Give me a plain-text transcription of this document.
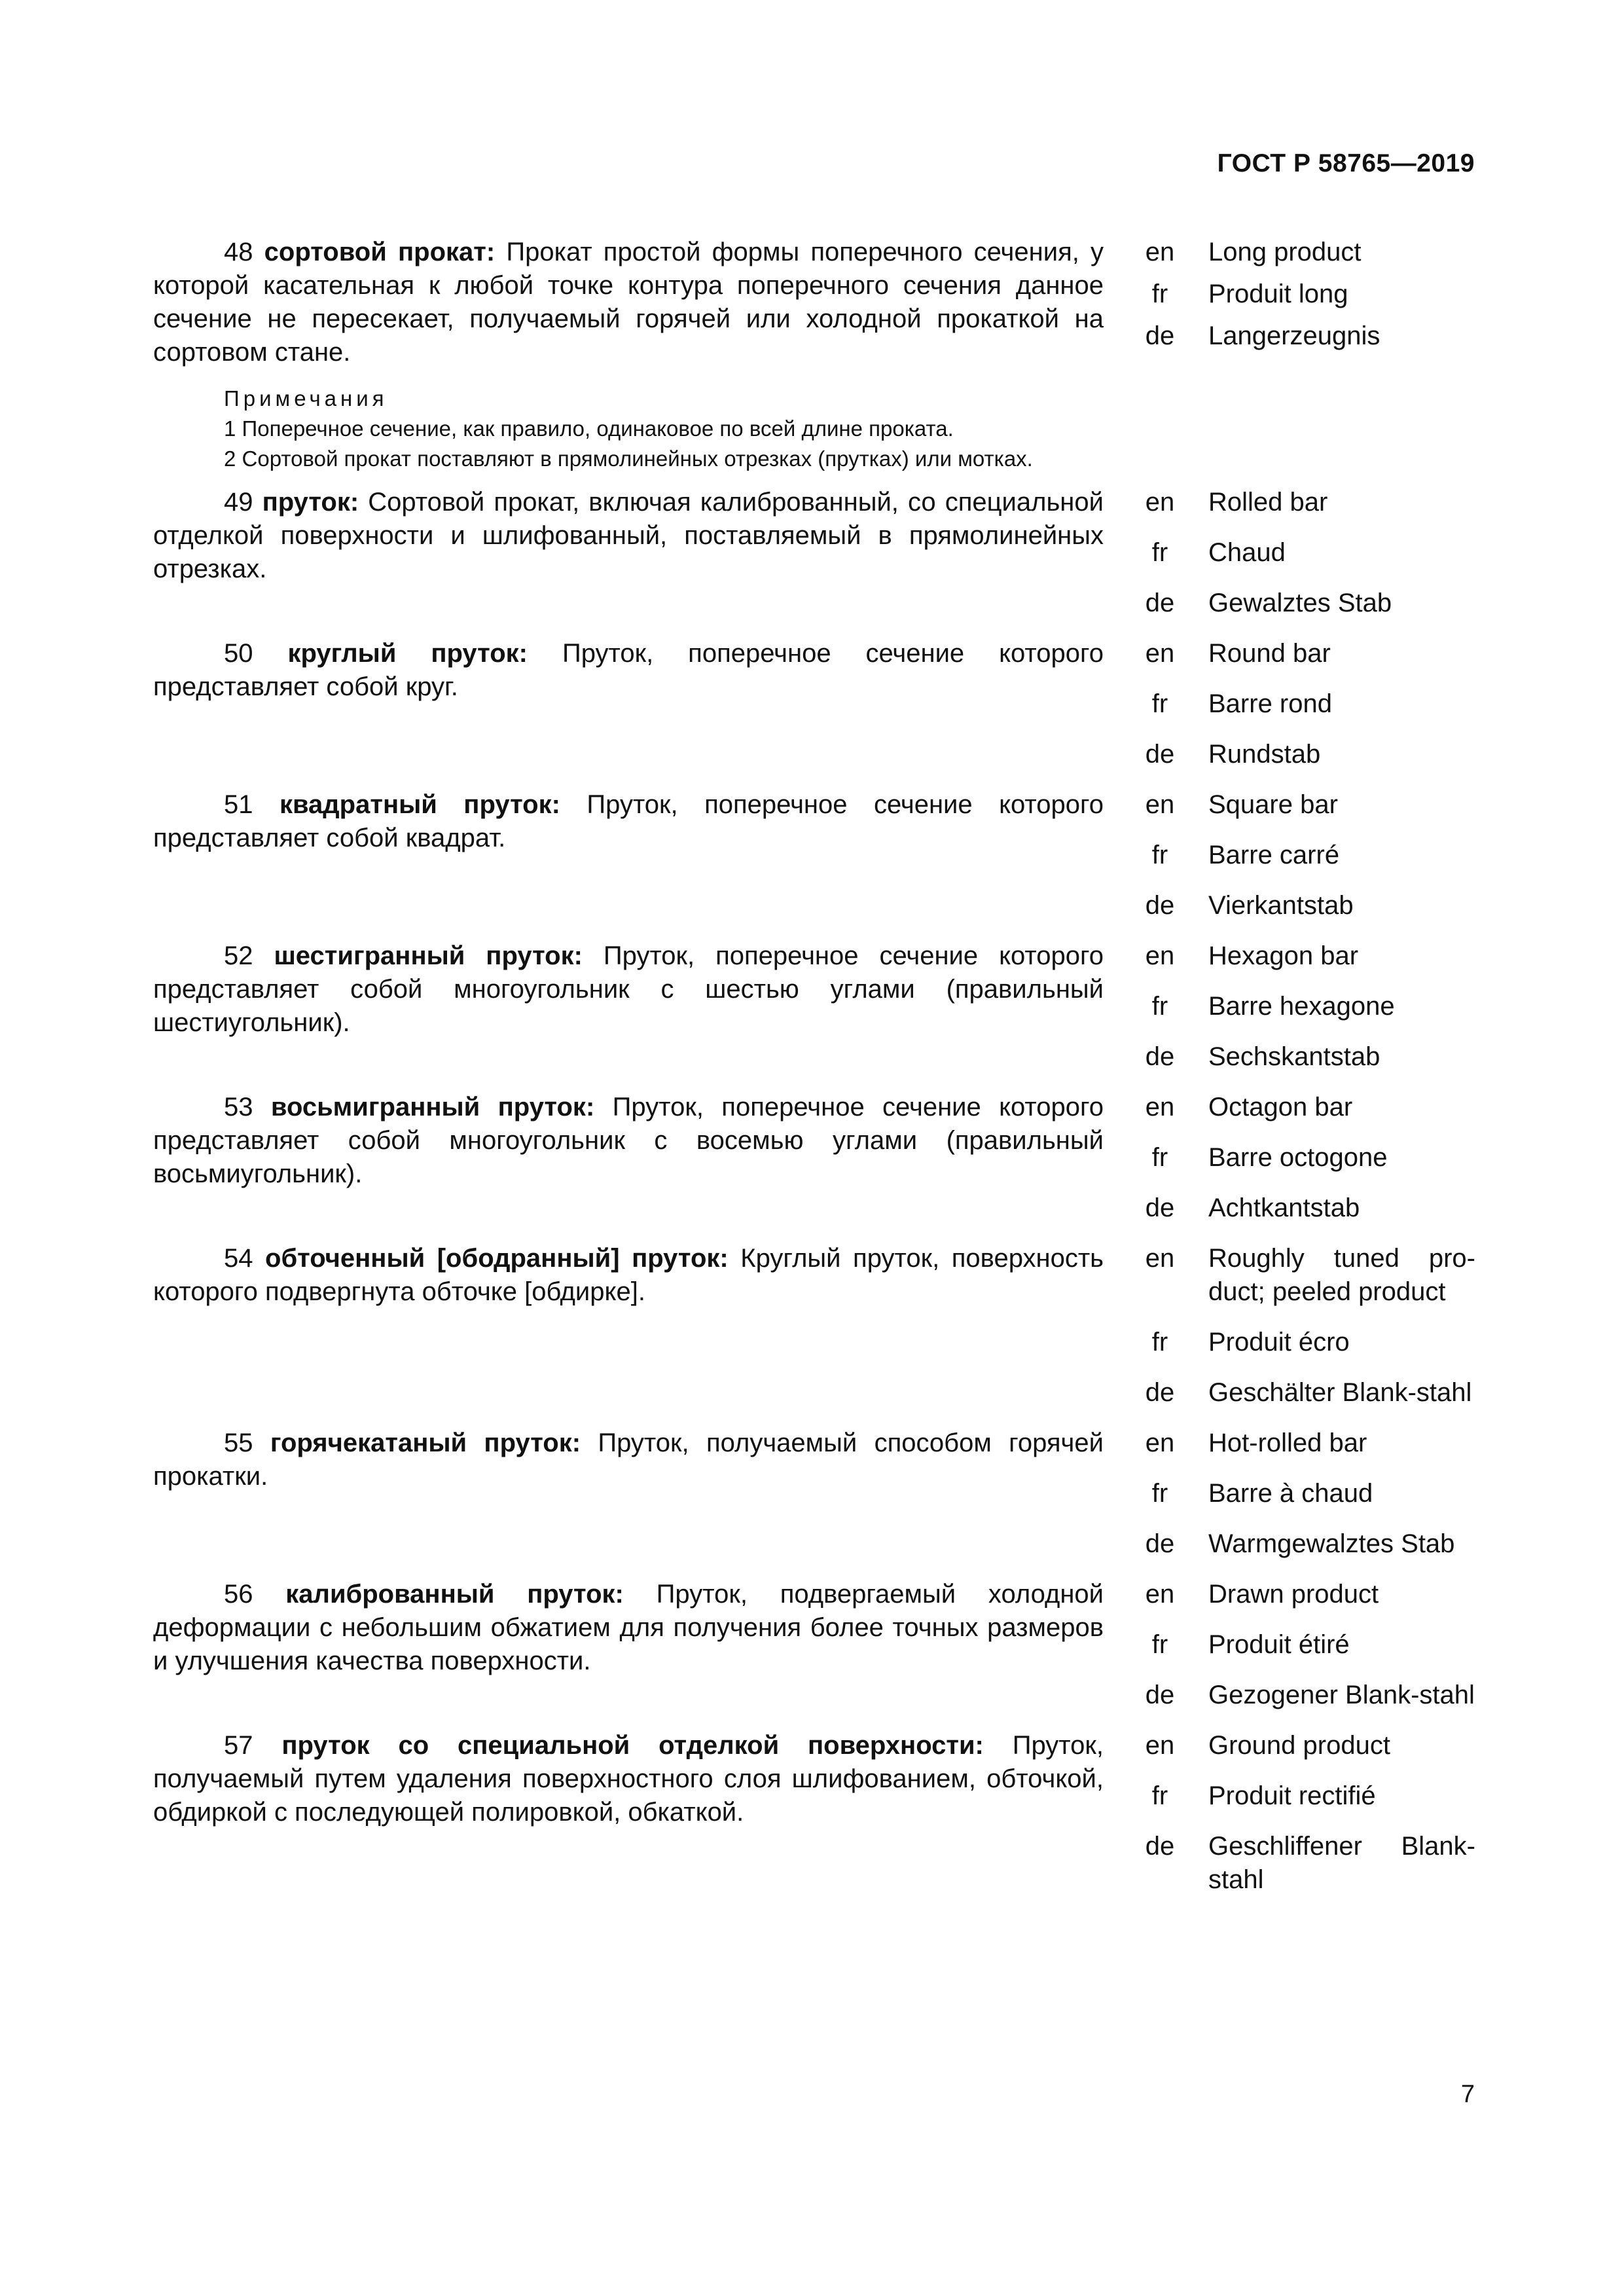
ГОСТ Р 58765—2019
48 сортовой прокат: Прокат простой формы поперечного сечения, у которой касательная к любой точке контура поперечного сечения данное сечение не пересекает, получаемый горячей или холодной прокаткой на сортовом стане.
en	Long product
fr	Produit long
de	Langerzeugnis
Примечания
1 Поперечное сечение, как правило, одинаковое по всей длине проката.
2 Сортовой прокат поставляют в прямолинейных отрезках (прутках) или мотках.
49 пруток: Сортовой прокат, включая калиброванный, со специальной отделкой поверхности и шлифованный, поставляемый в прямолинейных отрезках.
en	Rolled bar
fr	Chaud
de	Gewalztes Stab
50 круглый пруток: Пруток, поперечное сечение которого представляет собой круг.
en	Round bar
fr	Barre rond
de	Rundstab
51 квадратный пруток: Пруток, поперечное сечение которого представляет собой квадрат.
en	Square bar
fr	Barre carré
de	Vierkantstab
52 шестигранный пруток: Пруток, поперечное сечение которого представляет собой многоугольник с шестью углами (правильный шестиугольник).
en	Hexagon bar
fr	Barre hexagone
de	Sechskantstab
53 восьмигранный пруток: Пруток, поперечное сечение которого представляет собой многоугольник с восемью углами (правильный восьмиугольник).
en	Octagon bar
fr	Barre octogone
de	Achtkantstab
54 обточенный [ободранный] пруток: Круглый пруток, поверхность которого подвергнута обточке [обдирке].
en	Roughly tuned pro-duct; peeled product
fr	Produit écro
de	Geschälter Blank-stahl
55 горячекатаный пруток: Пруток, получаемый способом горячей прокатки.
en	Hot-rolled bar
fr	Barre à chaud
de	Warmgewalztes Stab
56 калиброванный пруток: Пруток, подвергаемый холодной деформации с небольшим обжатием для получения более точных размеров и улучшения качества поверхности.
en	Drawn product
fr	Produit étiré
de	Gezogener Blank-stahl
57 пруток со специальной отделкой поверхности: Пруток, получаемый путем удаления поверхностного слоя шлифованием, обточкой, обдиркой с последующей полировкой, обкаткой.
en	Ground product
fr	Produit rectifié
de	Geschliffener Blank-stahl
7
